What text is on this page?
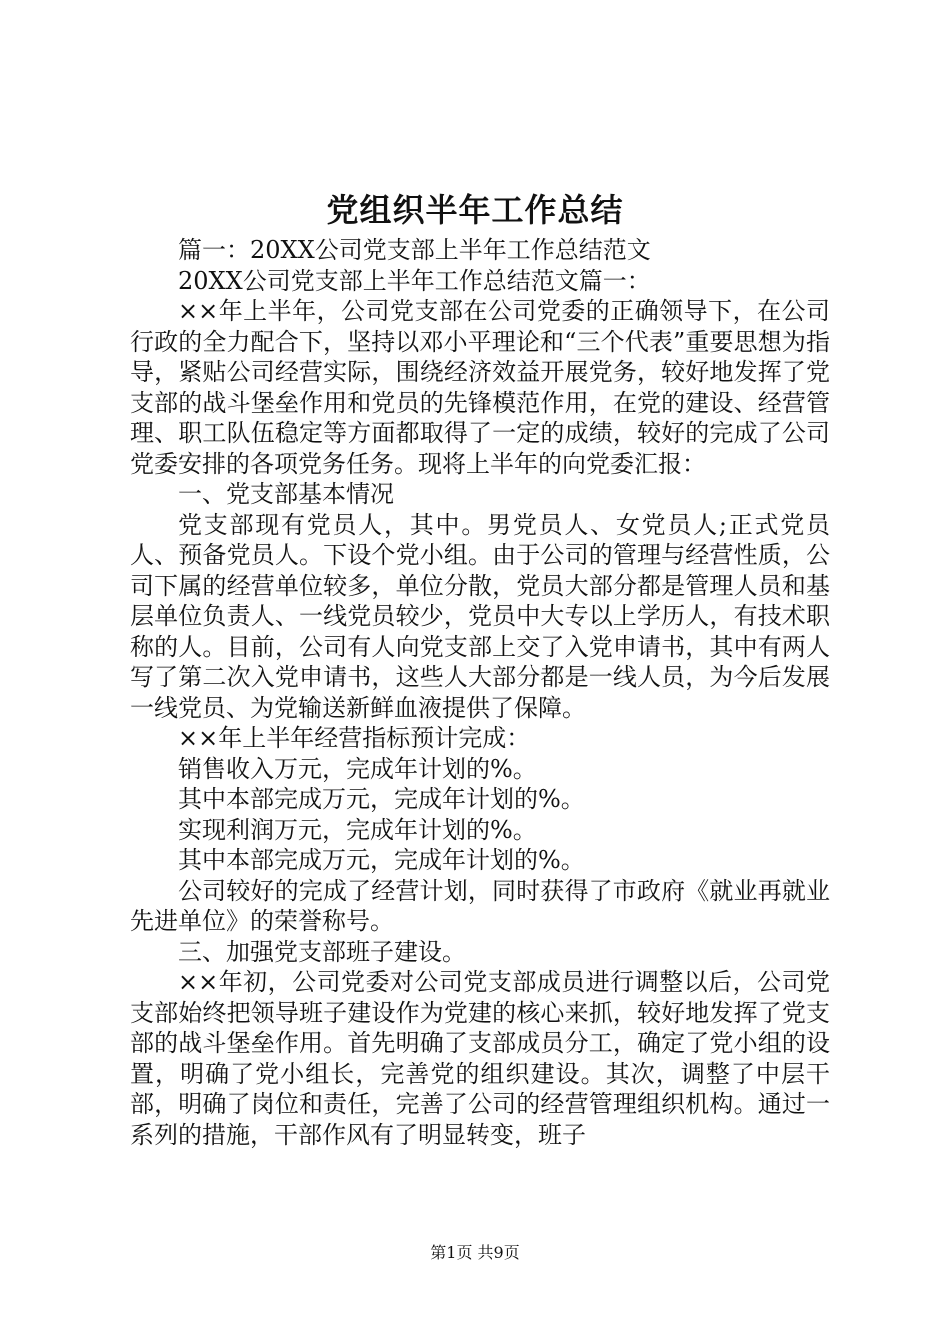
党组织半年工作总结

篇一：20XX公司党支部上半年工作总结范文

20XX公司党支部上半年工作总结范文篇一：

××年上半年，公司党支部在公司党委的正确领导下，在公司行政的全力配合下，坚持以邓小平理论和“三个代表”重要思想为指导，紧贴公司经营实际，围绕经济效益开展党务，较好地发挥了党支部的战斗堡垒作用和党员的先锋模范作用，在党的建设、经营管理、职工队伍稳定等方面都取得了一定的成绩，较好的完成了公司党委安排的各项党务任务。现将上半年的向党委汇报：

一、党支部基本情况

党支部现有党员人，其中。男党员人、女党员人;正式党员人、预备党员人。下设个党小组。由于公司的管理与经营性质，公司下属的经营单位较多，单位分散，党员大部分都是管理人员和基层单位负责人、一线党员较少，党员中大专以上学历人，有技术职称的人。目前，公司有人向党支部上交了入党申请书，其中有两人写了第二次入党申请书，这些人大部分都是一线人员，为今后发展一线党员、为党输送新鲜血液提供了保障。

××年上半年经营指标预计完成：

销售收入万元，完成年计划的%。

其中本部完成万元，完成年计划的%。

实现利润万元，完成年计划的%。

其中本部完成万元，完成年计划的%。

公司较好的完成了经营计划，同时获得了市政府《就业再就业先进单位》的荣誉称号。

三、加强党支部班子建设。

××年初，公司党委对公司党支部成员进行调整以后，公司党支部始终把领导班子建设作为党建的核心来抓，较好地发挥了党支部的战斗堡垒作用。首先明确了支部成员分工，确定了党小组的设置，明确了党小组长，完善党的组织建设。其次，调整了中层干部，明确了岗位和责任，完善了公司的经营管理组织机构。通过一系列的措施，干部作风有了明显转变，班子

第1页 共9页
